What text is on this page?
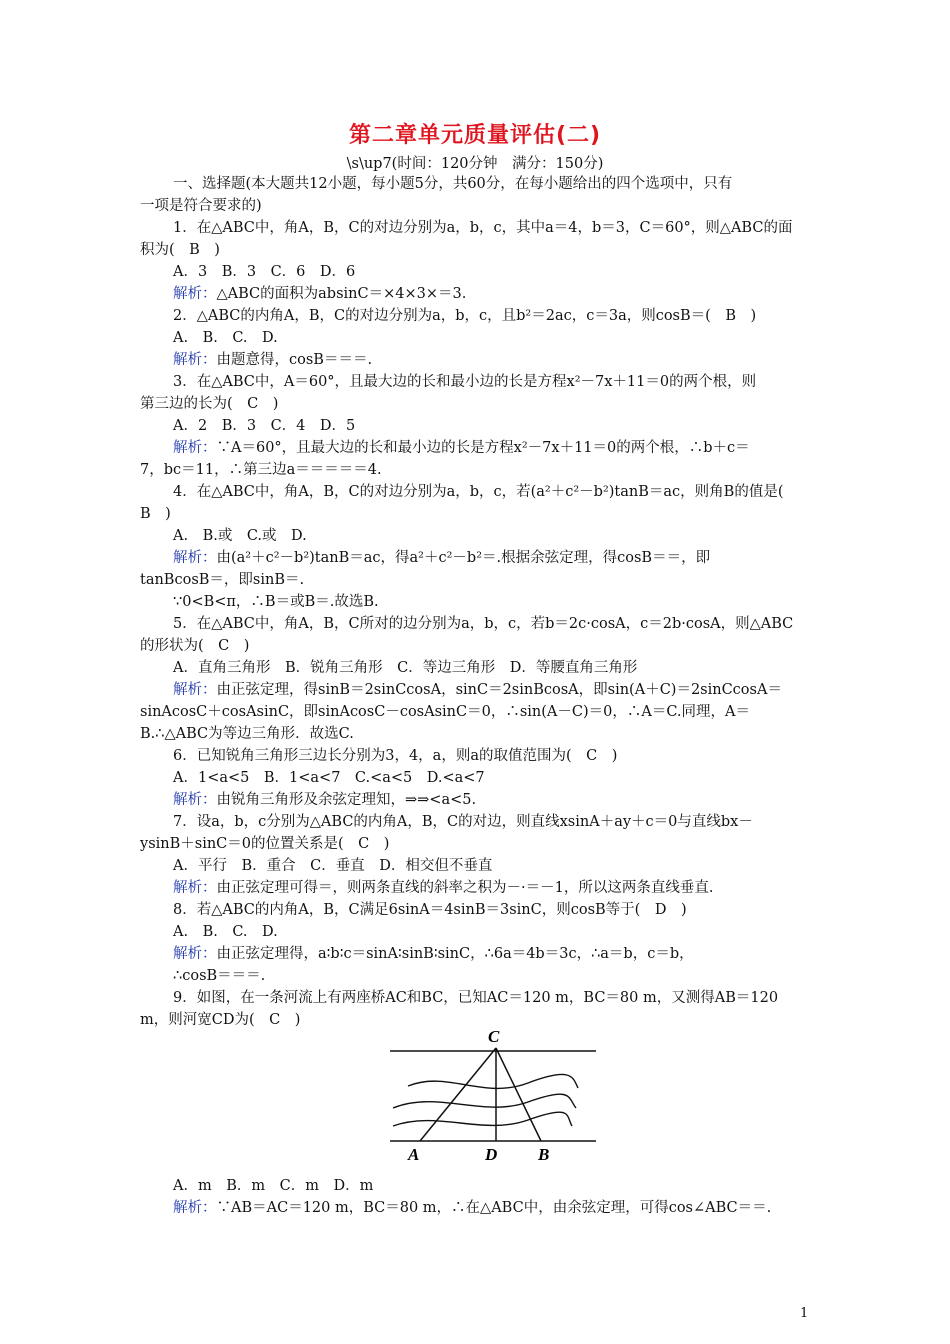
第二章单元质量评估(二)
\s\up7(时间：120分钟　满分：150分)
一、选择题(本大题共12小题，每小题5分，共60分，在每小题给出的四个选项中，只有
一项是符合要求的)
1．在△ABC中，角A，B，C的对边分别为a，b，c，其中a＝4，b＝3，C＝60°，则△ABC的面
积为(　B　)
A．3　B．3　C．6　D．6
解析：△ABC的面积为absinC＝×4×3×＝3.
2．△ABC的内角A，B，C的对边分别为a，b，c，且b²＝2ac，c＝3a，则cosB＝(　B　)
A.　B.　C.　D.
解析：由题意得，cosB＝＝＝.
3．在△ABC中，A＝60°，且最大边的长和最小边的长是方程x²－7x＋11＝0的两个根，则
第三边的长为(　C　)
A．2　B．3　C．4　D．5
解析：∵A＝60°，且最大边的长和最小边的长是方程x²－7x＋11＝0的两个根，∴b＋c＝
7，bc＝11，∴第三边a＝＝＝＝＝4.
4．在△ABC中，角A，B，C的对边分别为a，b，c，若(a²＋c²－b²)tanB＝ac，则角B的值是(
B　)
A.　B.或　C.或　D.
解析：由(a²＋c²－b²)tanB＝ac，得a²＋c²－b²＝.根据余弦定理，得cosB＝＝，即
tanBcosB＝，即sinB＝.
∵0<B<π，∴B＝或B＝.故选B.
5．在△ABC中，角A，B，C所对的边分别为a，b，c，若b＝2c·cosA，c＝2b·cosA，则△ABC
的形状为(　C　)
A．直角三角形　B．锐角三角形　C．等边三角形　D．等腰直角三角形
解析：由正弦定理，得sinB＝2sinCcosA，sinC＝2sinBcosA，即sin(A＋C)＝2sinCcosA＝
sinAcosC＋cosAsinC，即sinAcosC－cosAsinC＝0，∴sin(A－C)＝0，∴A＝C.同理，A＝
B.∴△ABC为等边三角形．故选C.
6．已知锐角三角形三边长分别为3，4，a，则a的取值范围为(　C　)
A．1<a<5　B．1<a<7　C.<a<5　D.<a<7
解析：由锐角三角形及余弦定理知，⇒⇒<a<5.
7．设a，b，c分别为△ABC的内角A，B，C的对边，则直线xsinA＋ay＋c＝0与直线bx－
ysinB＋sinC＝0的位置关系是(　C　)
A．平行　B．重合　C．垂直　D．相交但不垂直
解析：由正弦定理可得＝，则两条直线的斜率之积为－·＝－1，所以这两条直线垂直.
8．若△ABC的内角A，B，C满足6sinA＝4sinB＝3sinC，则cosB等于(　D　)
A.　B.　C.　D.
解析：由正弦定理得，a∶b∶c＝sinA∶sinB∶sinC，∴6a＝4b＝3c，∴a＝b，c＝b，
∴cosB＝＝＝.
9．如图，在一条河流上有两座桥AC和BC，已知AC＝120 m，BC＝80 m，又测得AB＝120
m，则河宽CD为(　C　)
A．m　B．m　C．m　D．m
解析：∵AB＝AC＝120 m，BC＝80 m，∴在△ABC中，由余弦定理，可得cos∠ABC＝＝.
C
A	D B
1
